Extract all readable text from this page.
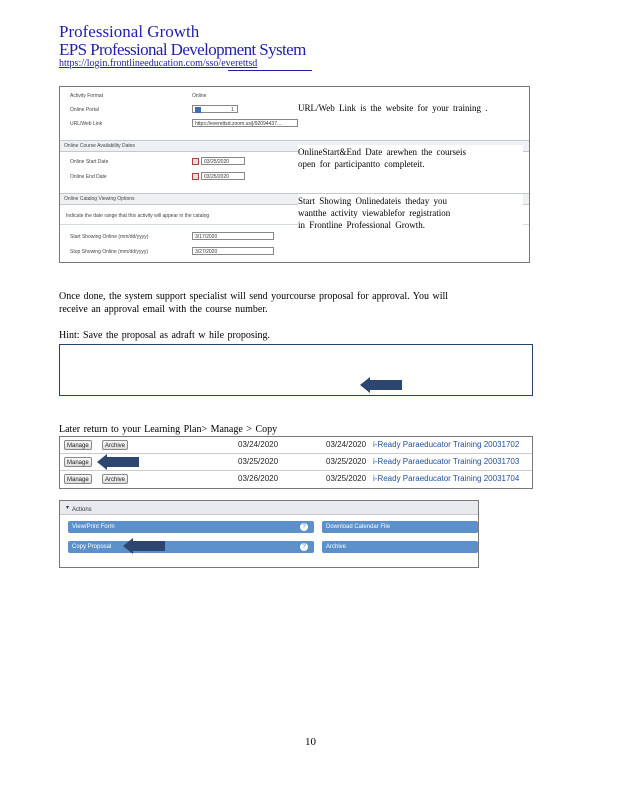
Professional Growth
EPS Professional Development System
https://login.frontlineeducation.com/sso/everettsd
Activity Format	Online
Online Portal	1
URL/Web Link	https://everettsd.zoom.us/j/92094437...
Online Course Availability Dates
Online Start Date	03/25/2020
Online End Date	03/25/2020
Online Catalog Viewing Options
Indicate the date range that this activity will appear in the catalog
Start Showing Online (mm/dd/yyyy)	3/17/2020
Stop Showing Online (mm/dd/yyyy)	3/27/2020
URL/Web Link is the website for your training .
OnlineStart&End Date arewhen the courseis
open for participantto completeit.
Start Showing Onlinedateis theday you
wantthe activity viewablefor registration
in Frontline Professional Growth.
Once done, the system support specialist will send yourcourse proposal for approval. You will
receive an approval email with the course number.
Hint: Save the proposal as adraft w hile proposing.
Later return to your Learning Plan> Manage > Copy
Manage	Archive	03/24/2020	03/24/2020 i-Ready Paraeducator Training 20031702
Manage	03/25/2020	03/25/2020 i-Ready Paraeducator Training 20031703
Manage	Archive	03/26/2020	03/25/2020 i-Ready Paraeducator Training 20031704
▾ Actions
View/Print Form	?	Download Calendar File
Copy Proposal	?	Archive
10
